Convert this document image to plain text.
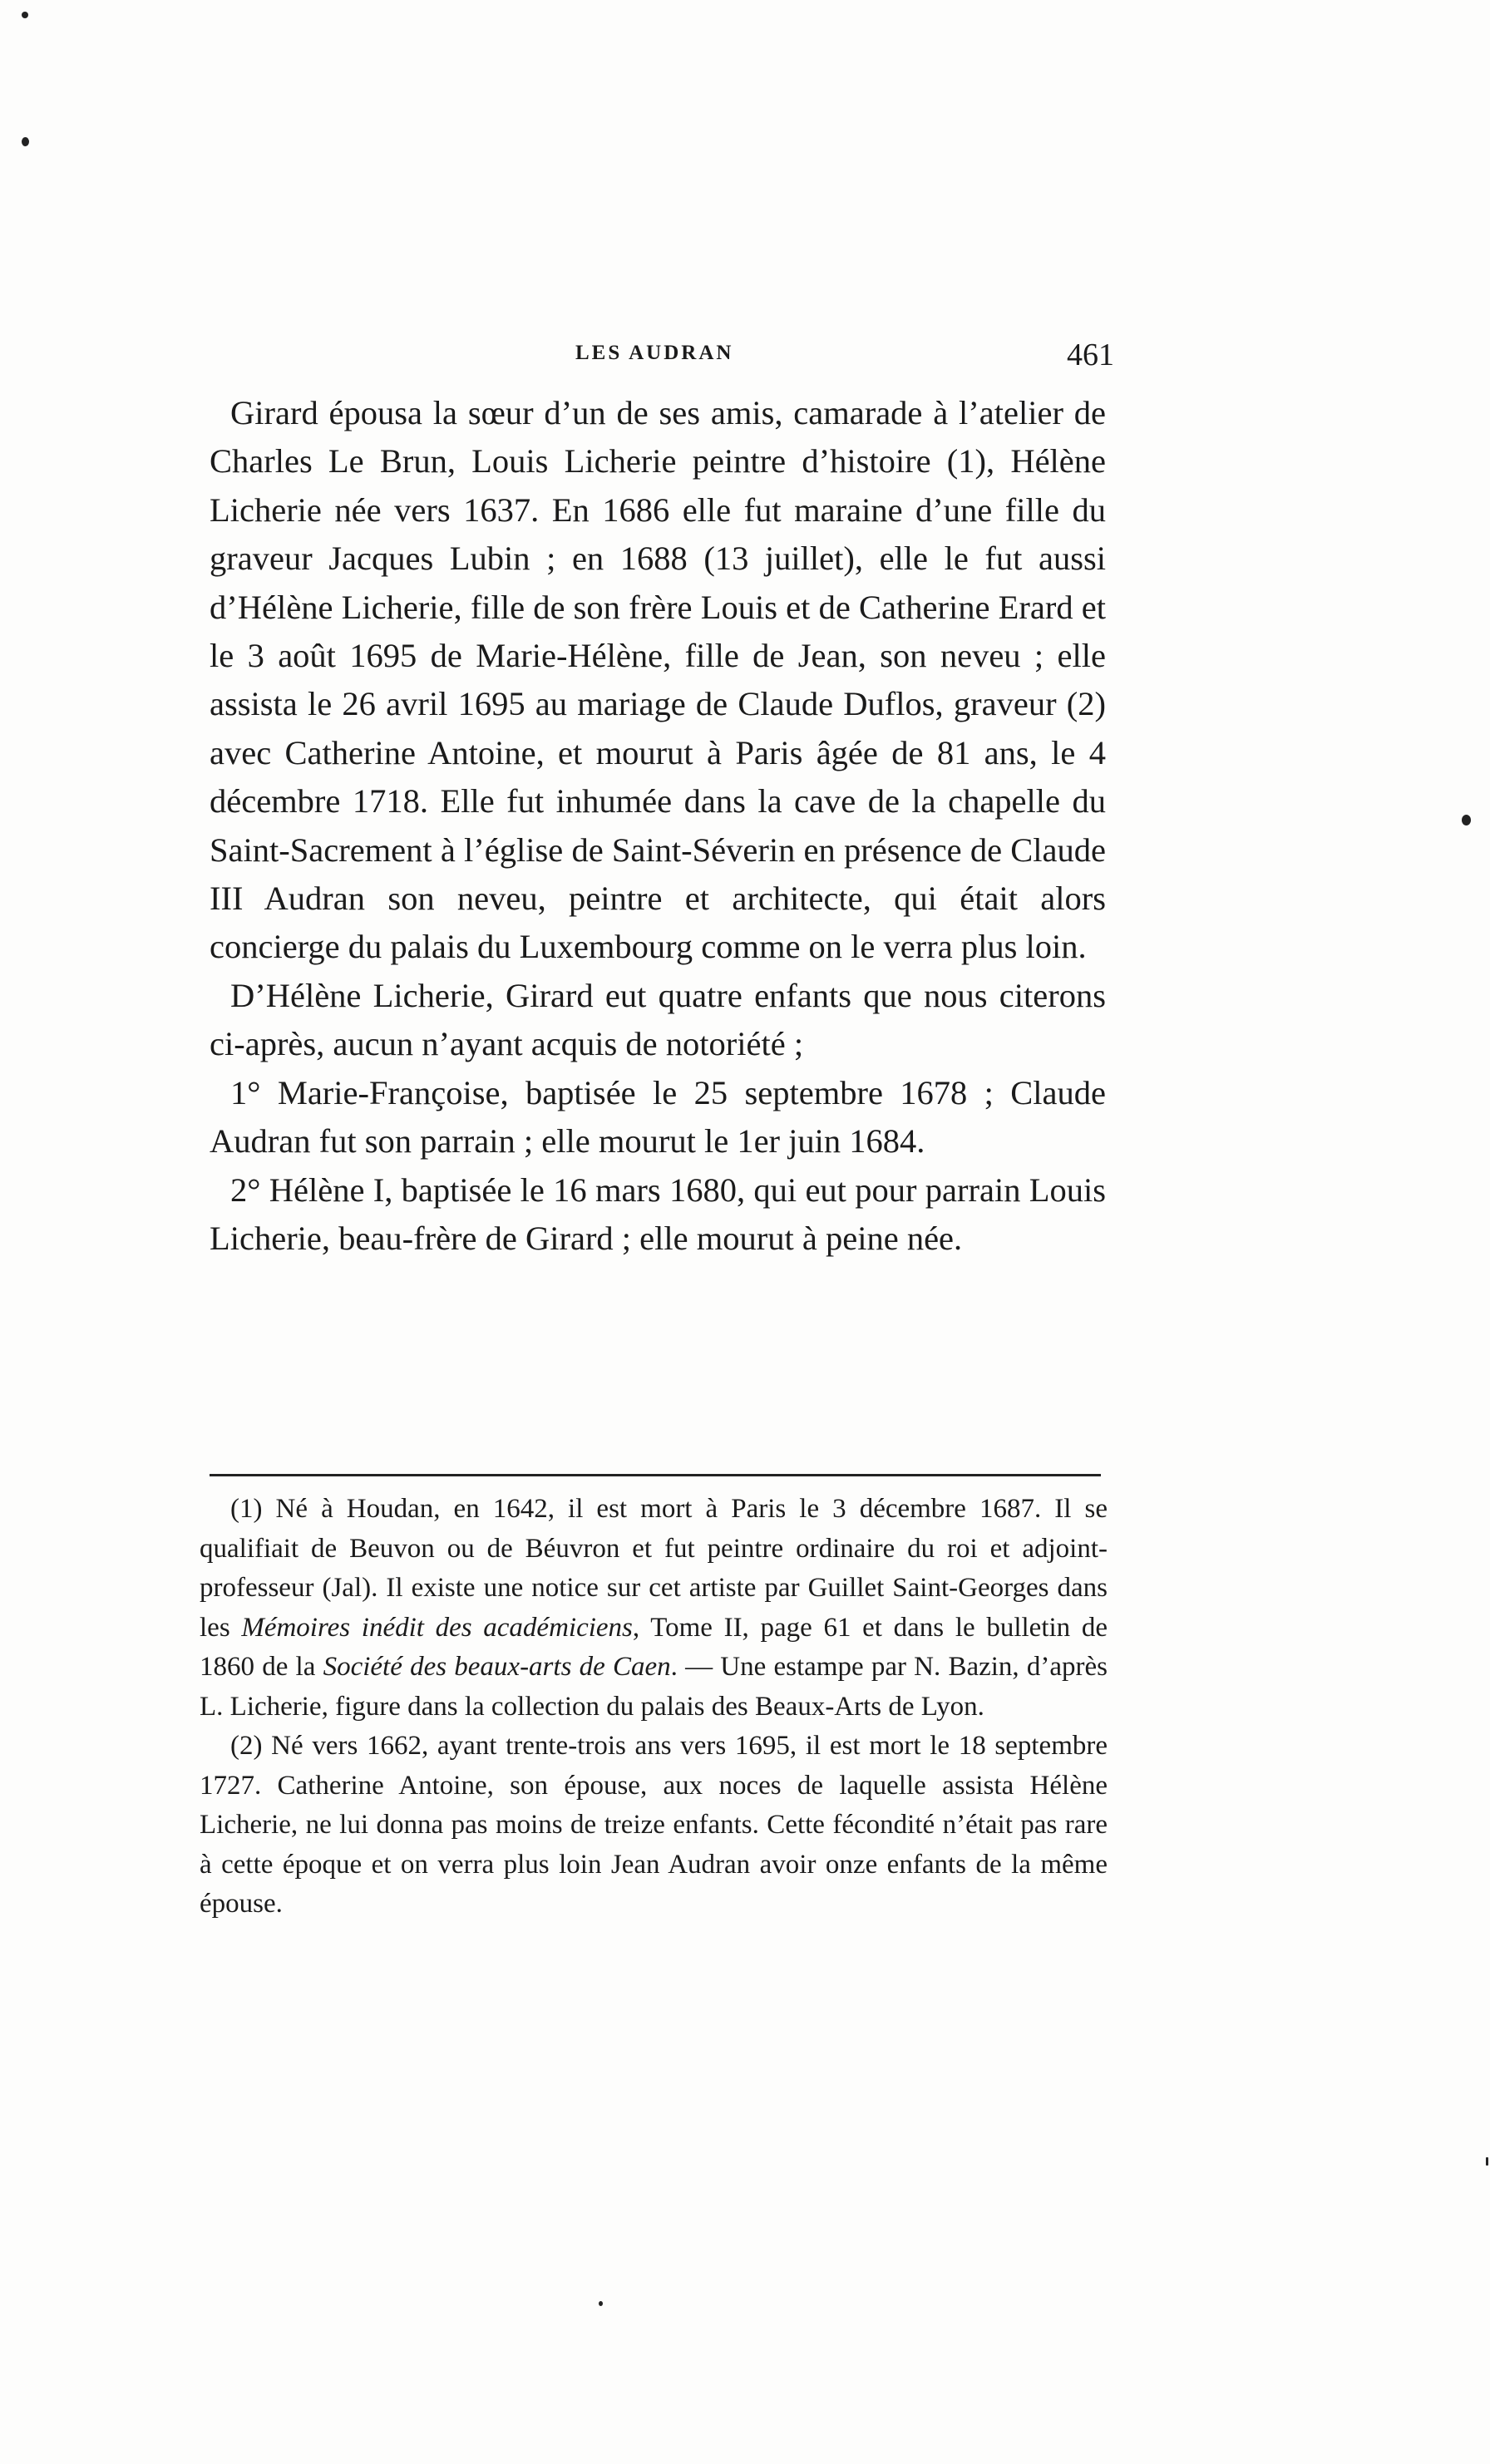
LES AUDRAN	461

Girard épousa la sœur d’un de ses amis, camarade à l’atelier de Charles Le Brun, Louis Licherie peintre d’histoire (1), Hélène Licherie née vers 1637. En 1686 elle fut maraine d’une fille du graveur Jacques Lubin ; en 1688 (13 juillet), elle le fut aussi d’Hélène Licherie, fille de son frère Louis et de Catherine Erard et le 3 août 1695 de Marie-Hélène, fille de Jean, son neveu ; elle assista le 26 avril 1695 au mariage de Claude Duflos, graveur (2) avec Catherine Antoine, et mourut à Paris âgée de 81 ans, le 4 décembre 1718. Elle fut inhumée dans la cave de la chapelle du Saint-Sacrement à l’église de Saint-Séverin en présence de Claude III Audran son neveu, peintre et architecte, qui était alors concierge du palais du Luxembourg comme on le verra plus loin.

D’Hélène Licherie, Girard eut quatre enfants que nous citerons ci-après, aucun n’ayant acquis de notoriété ;

1° Marie-Françoise, baptisée le 25 septembre 1678 ; Claude Audran fut son parrain ; elle mourut le 1er juin 1684.

2° Hélène I, baptisée le 16 mars 1680, qui eut pour parrain Louis Licherie, beau-frère de Girard ; elle mourut à peine née.

(1) Né à Houdan, en 1642, il est mort à Paris le 3 décembre 1687. Il se qualifiait de Beuvon ou de Béuvron et fut peintre ordinaire du roi et adjoint-professeur (Jal). Il existe une notice sur cet artiste par Guillet Saint-Georges dans les Mémoires inédit des académiciens, Tome II, page 61 et dans le bulletin de 1860 de la Société des beaux-arts de Caen. — Une estampe par N. Bazin, d’après L. Licherie, figure dans la collection du palais des Beaux-Arts de Lyon.

(2) Né vers 1662, ayant trente-trois ans vers 1695, il est mort le 18 septembre 1727. Catherine Antoine, son épouse, aux noces de laquelle assista Hélène Licherie, ne lui donna pas moins de treize enfants. Cette fécondité n’était pas rare à cette époque et on verra plus loin Jean Audran avoir onze enfants de la même épouse.
